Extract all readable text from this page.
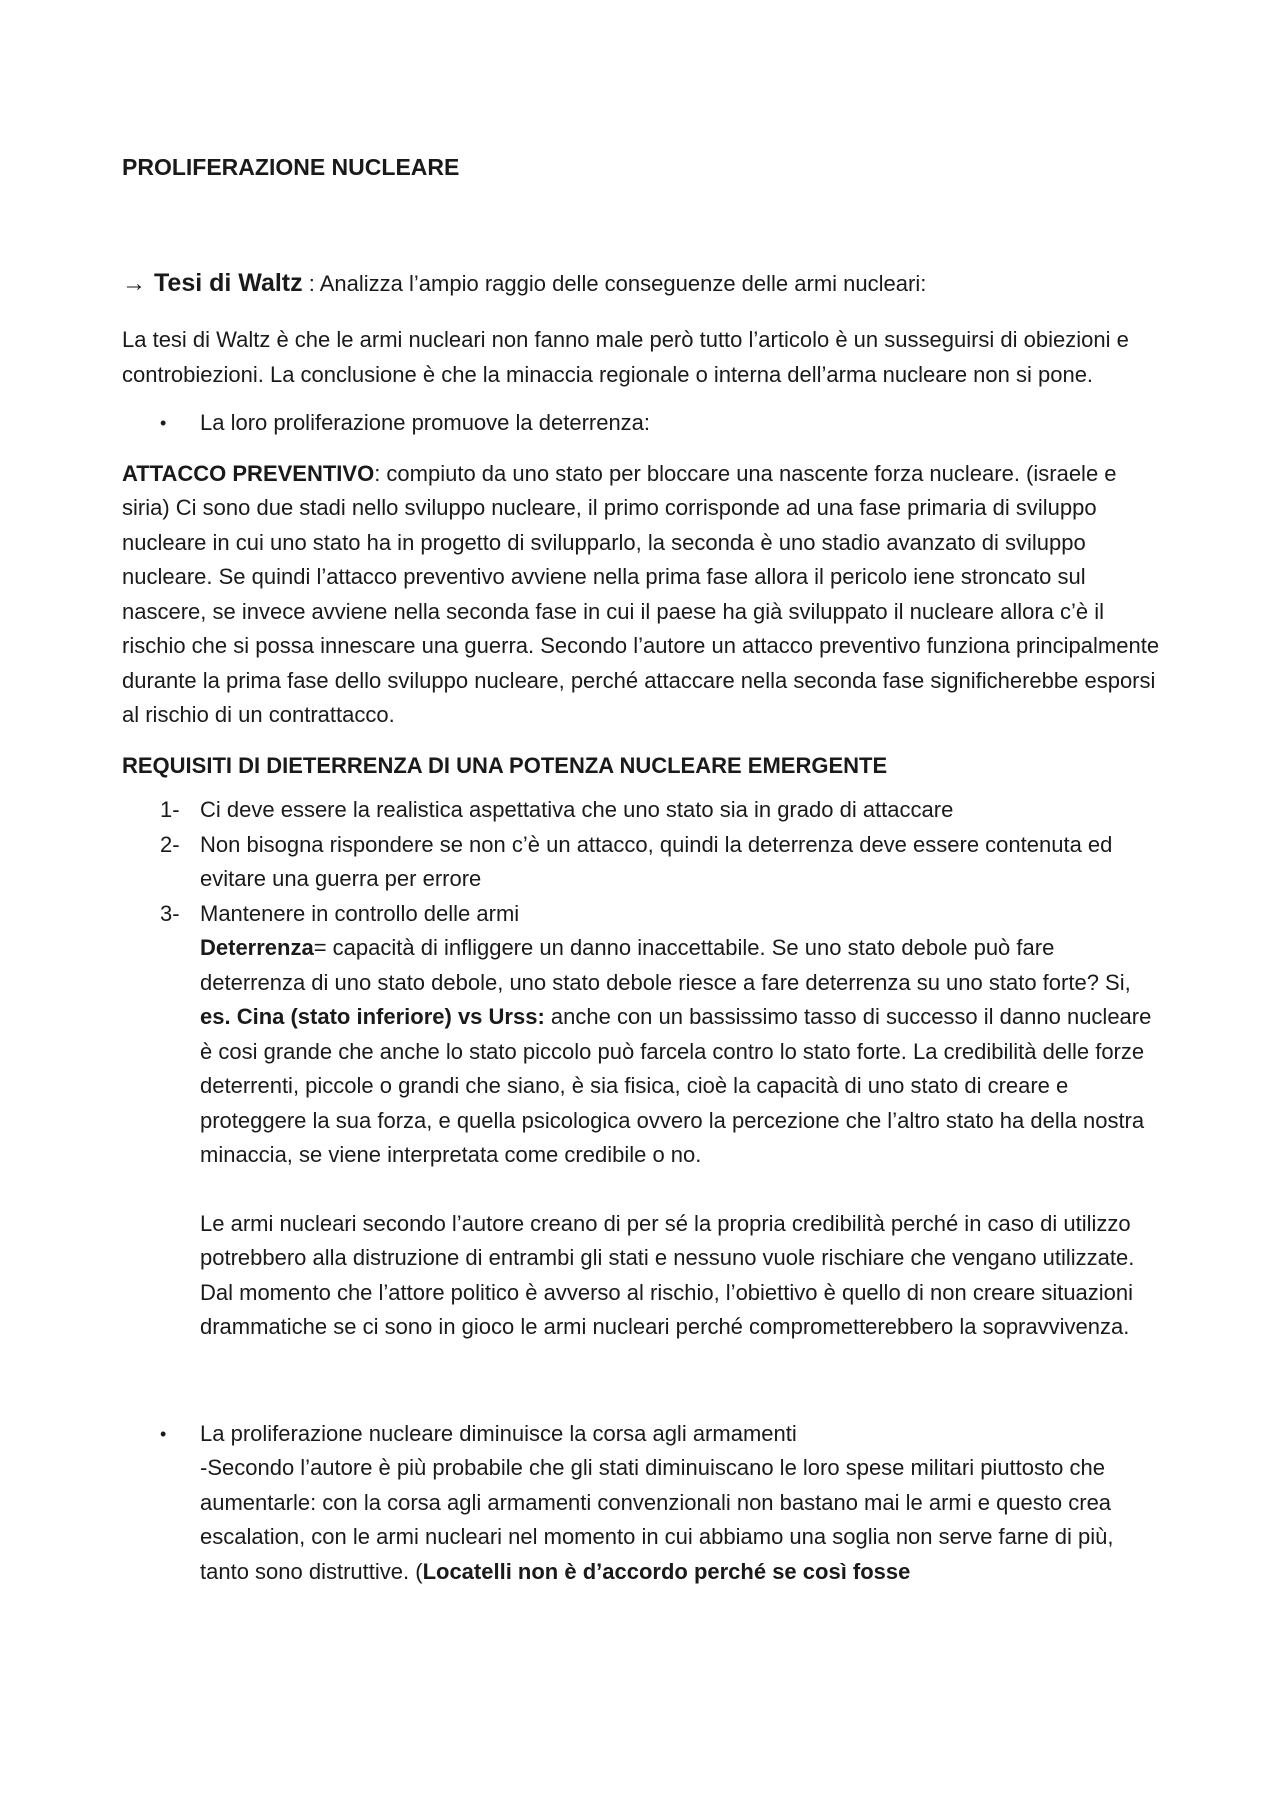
PROLIFERAZIONE NUCLEARE
→ Tesi di Waltz : Analizza l’ampio raggio delle conseguenze delle armi nucleari:

La tesi di Waltz è che le armi nucleari non fanno male però tutto l’articolo è un susseguirsi di obiezioni e controbiezioni. La conclusione è che la minaccia regionale o interna dell’arma nucleare non si pone.

• La loro proliferazione promuove la deterrenza:

ATTACCO PREVENTIVO: compiuto da uno stato per bloccare una nascente forza nucleare. (israele e siria) Ci sono due stadi nello sviluppo nucleare, il primo corrisponde ad una fase primaria di sviluppo nucleare in cui uno stato ha in progetto di svilupparlo, la seconda è uno stadio avanzato di sviluppo nucleare. Se quindi l’attacco preventivo avviene nella prima fase allora il pericolo iene stroncato sul nascere, se invece avviene nella seconda fase in cui il paese ha già sviluppato il nucleare allora c’è il rischio che si possa innescare una guerra. Secondo l’autore un attacco preventivo funziona principalmente durante la prima fase dello sviluppo nucleare, perché attaccare nella seconda fase significherebbe esporsi al rischio di un contrattacco.

REQUISITI DI DIETERRENZA DI UNA POTENZA NUCLEARE EMERGENTE

1- Ci deve essere la realistica aspettativa che uno stato sia in grado di attaccare
2- Non bisogna rispondere se non c’è un attacco, quindi la deterrenza deve essere contenuta ed evitare una guerra per errore
3- Mantenere in controllo delle armi

Deterrenza= capacità di infliggere un danno inaccettabile. Se uno stato debole può fare deterrenza di uno stato debole, uno stato debole riesce a fare deterrenza su uno stato forte? Si, es. Cina (stato inferiore) vs Urss: anche con un bassissimo tasso di successo il danno nucleare è cosi grande che anche lo stato piccolo può farcela contro lo stato forte. La credibilità delle forze deterrenti, piccole o grandi che siano, è sia fisica, cioè la capacità di uno stato di creare e proteggere la sua forza, e quella psicologica ovvero la percezione che l’altro stato ha della nostra minaccia, se viene interpretata come credibile o no.

Le armi nucleari secondo l’autore creano di per sé la propria credibilità perché in caso di utilizzo potrebbero alla distruzione di entrambi gli stati e nessuno vuole rischiare che vengano utilizzate. Dal momento che l’attore politico è avverso al rischio, l’obiettivo è quello di non creare situazioni drammatiche se ci sono in gioco le armi nucleari perché comprometterebbero la sopravvivenza.

• La proliferazione nucleare diminuisce la corsa agli armamenti
-Secondo l’autore è più probabile che gli stati diminuiscano le loro spese militari piuttosto che aumentarle: con la corsa agli armamenti convenzionali non bastano mai le armi e questo crea escalation, con le armi nucleari nel momento in cui abbiamo una soglia non serve farne di più, tanto sono distruttive. (Locatelli non è d’accordo perché se così fosse
